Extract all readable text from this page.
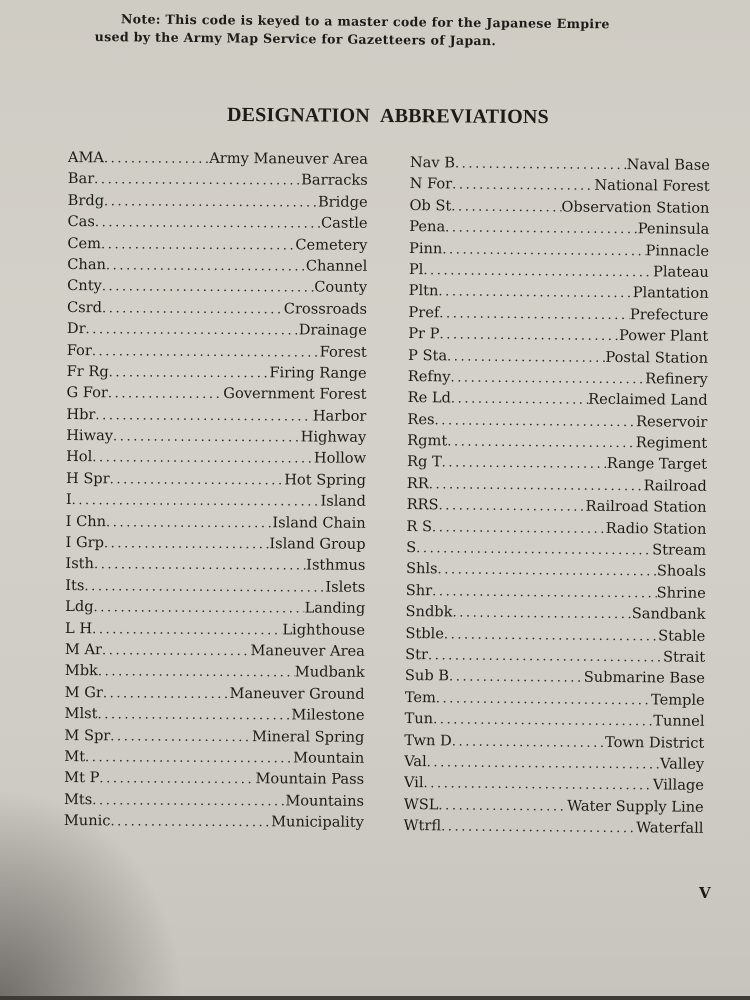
Note: This code is keyed to a master code for the Japanese Empire
used by the Army Map Service for Gazetteers of Japan.
DESIGNATION ABBREVIATIONS
AMA .....	Army Maneuver Area
Bar .....	Barracks
Brdg .....	Bridge
Cas .....	Castle
Cem .....	Cemetery
Chan .....	Channel
Cnty .....	County
Csrd .....	Crossroads
Dr .....	Drainage
For .....	Forest
Fr Rg .....	Firing Range
G For .....	Government Forest
Hbr .....	Harbor
Hiway .....	Highway
Hol .....	Hollow
H Spr .....	Hot Spring
I .....	Island
I Chn .....	Island Chain
I Grp .....	Island Group
Isth .....	Isthmus
Its .....	Islets
Ldg .....	Landing
L H .....	Lighthouse
M Ar .....	Maneuver Area
Mbk .....	Mudbank
M Gr .....	Maneuver Ground
Mlst .....	Milestone
M Spr .....	Mineral Spring
Mt .....	Mountain
Mt P .....	Mountain Pass
Mts .....	Mountains
Munic .....	Municipality
Nav B .....	Naval Base
N For .....	National Forest
Ob St .....	Observation Station
Pena .....	Peninsula
Pinn .....	Pinnacle
Pl .....	Plateau
Pltn .....	Plantation
Pref .....	Prefecture
Pr P .....	Power Plant
P Sta .....	Postal Station
Refny .....	Refinery
Re Ld .....	Reclaimed Land
Res .....	Reservoir
Rgmt .....	Regiment
Rg T .....	Range Target
RR .....	Railroad
RRS .....	Railroad Station
R S .....	Radio Station
S .....	Stream
Shls .....	Shoals
Shr .....	Shrine
Sndbk .....	Sandbank
Stble .....	Stable
Str .....	Strait
Sub B .....	Submarine Base
Tem .....	Temple
Tun .....	Tunnel
Twn D .....	Town District
Val .....	Valley
Vil .....	Village
WSL .....	Water Supply Line
Wtrfl .....	Waterfall
V
